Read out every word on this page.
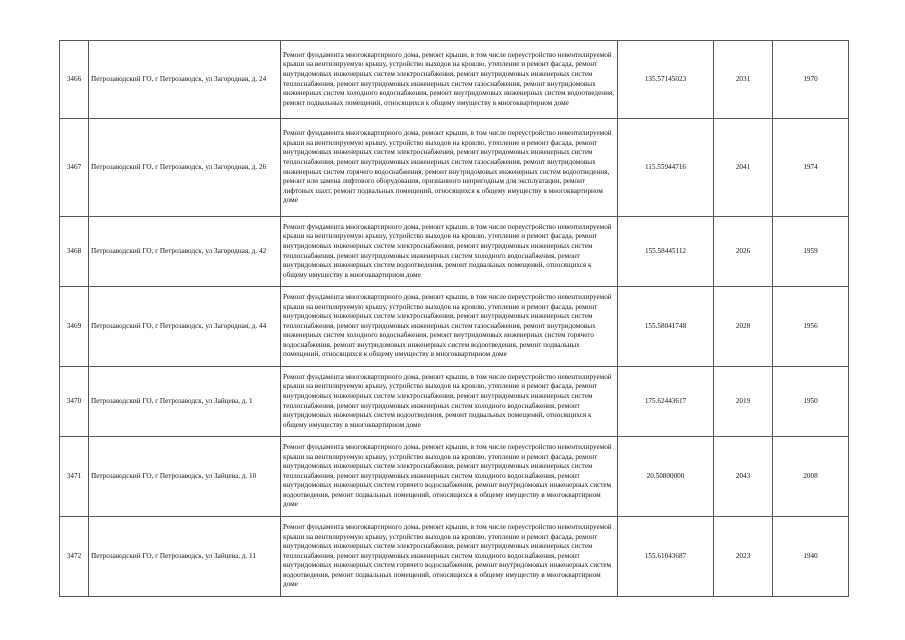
3466	Петрозаводский ГО, г Петрозаводск, ул Загородная, д. 24	Ремонт фундамента многоквартирного дома, ремонт крыши, в том числе переустройство невентилируемой крыши на вентилируемую крышу, устройство выходов на кровлю, утепление и ремонт фасада, ремонт внутридомовых инженерных систем электроснабжения, ремонт внутридомовых инженерных систем теплоснабжения, ремонт внутридомовых инженерных систем газоснабжения, ремонт внутридомовых инженерных систем холодного водоснабжения, ремонт внутридомовых инженерных систем водоотведения, ремонт подвальных помещений, относящихся к общему имуществу в многоквартирном доме	135.57145023	2031	1970
3467	Петрозаводский ГО, г Петрозаводск, ул Загородная, д. 26	Ремонт фундамента многоквартирного дома, ремонт крыши, в том числе переустройство невентилируемой крыши на вентилируемую крышу, устройство выходов на кровлю, утепление и ремонт фасада, ремонт внутридомовых инженерных систем электроснабжения, ремонт внутридомовых инженерных систем теплоснабжения, ремонт внутридомовых инженерных систем газоснабжения, ремонт внутридомовых инженерных систем горячего водоснабжения, ремонт внутридомовых инженерных систем водоотведения, ремонт или замена лифтового оборудования, признанного непригодным для эксплуатации, ремонт лифтовых шахт, ремонт подвальных помещений, относящихся к общему имуществу в многоквартирном доме	115.55944716	2041	1974
3468	Петрозаводский ГО, г Петрозаводск, ул Загородная, д. 42	Ремонт фундамента многоквартирного дома, ремонт крыши, в том числе переустройство невентилируемой крыши на вентилируемую крышу, устройство выходов на кровлю, утепление и ремонт фасада, ремонт внутридомовых инженерных систем электроснабжения, ремонт внутридомовых инженерных систем теплоснабжения, ремонт внутридомовых инженерных систем холодного водоснабжения, ремонт внутридомовых инженерных систем водоотведения, ремонт подвальных помещений, относящихся к общему имуществу в многоквартирном доме	155.58445112	2026	1959
3469	Петрозаводский ГО, г Петрозаводск, ул Загородная, д. 44	Ремонт фундамента многоквартирного дома, ремонт крыши, в том числе переустройство невентилируемой крыши на вентилируемую крышу, устройство выходов на кровлю, утепление и ремонт фасада, ремонт внутридомовых инженерных систем электроснабжения, ремонт внутридомовых инженерных систем теплоснабжения, ремонт внутридомовых инженерных систем газоснабжения, ремонт внутридомовых инженерных систем холодного водоснабжения, ремонт внутридомовых инженерных систем горячего водоснабжения, ремонт внутридомовых инженерных систем водоотведения, ремонт подвальных помещений, относящихся к общему имуществу в многоквартирном доме	155.58041748	2028	1956
3470	Петрозаводский ГО, г Петрозаводск, ул Зайцева, д. 1	Ремонт фундамента многоквартирного дома, ремонт крыши, в том числе переустройство невентилируемой крыши на вентилируемую крышу, устройство выходов на кровлю, утепление и ремонт фасада, ремонт внутридомовых инженерных систем электроснабжения, ремонт внутридомовых инженерных систем теплоснабжения, ремонт внутридомовых инженерных систем холодного водоснабжения, ремонт внутридомовых инженерных систем водоотведения, ремонт подвальных помещений, относящихся к общему имуществу в многоквартирном доме	175.62443617	2019	1950
3471	Петрозаводский ГО, г Петрозаводск, ул Зайцева, д. 10	Ремонт фундамента многоквартирного дома, ремонт крыши, в том числе переустройство невентилируемой крыши на вентилируемую крышу, устройство выходов на кровлю, утепление и ремонт фасада, ремонт внутридомовых инженерных систем электроснабжения, ремонт внутридомовых инженерных систем теплоснабжения, ремонт внутридомовых инженерных систем холодного водоснабжения, ремонт внутридомовых инженерных систем горячего водоснабжения, ремонт внутридомовых инженерных систем водоотведения, ремонт подвальных помещений, относящихся к общему имуществу в многоквартирном доме	20.50800000	2043	2008
3472	Петрозаводский ГО, г Петрозаводск, ул Зайцева, д. 11	Ремонт фундамента многоквартирного дома, ремонт крыши, в том числе переустройство невентилируемой крыши на вентилируемую крышу, устройство выходов на кровлю, утепление и ремонт фасада, ремонт внутридомовых инженерных систем электроснабжения, ремонт внутридомовых инженерных систем теплоснабжения, ремонт внутридомовых инженерных систем холодного водоснабжения, ремонт внутридомовых инженерных систем горячего водоснабжения, ремонт внутридомовых инженерных систем водоотведения, ремонт подвальных помещений, относящихся к общему имуществу в многоквартирном доме	155.61043687	2023	1940
